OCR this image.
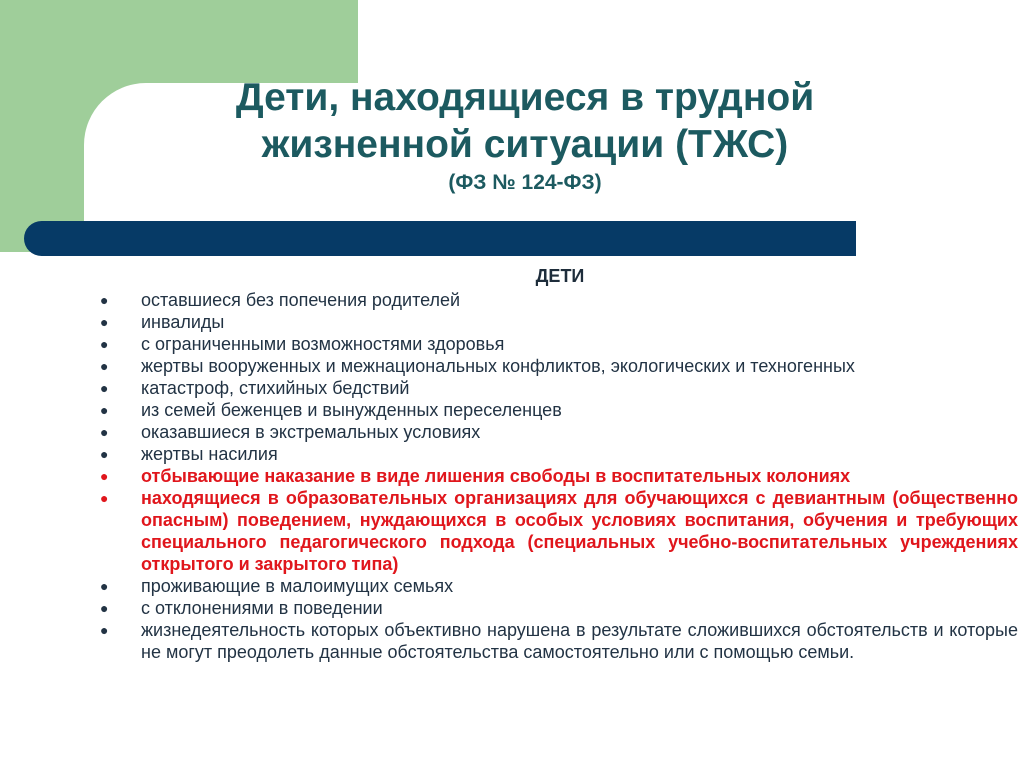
Дети, находящиеся в трудной
жизненной ситуации (ТЖС)
(ФЗ № 124-ФЗ)
ДЕТИ
●	оставшиеся без попечения родителей
●	инвалиды
●	с ограниченными возможностями здоровья
●	жертвы вооруженных и межнациональных конфликтов, экологических и техногенных
●	катастроф, стихийных бедствий
●	из семей беженцев и вынужденных переселенцев
●	оказавшиеся в экстремальных условиях
●	жертвы насилия
●	отбывающие наказание в виде лишения свободы в воспитательных колониях
●	находящиеся в образовательных организациях для обучающихся с девиантным (общественно опасным) поведением, нуждающихся в особых условиях воспитания, обучения и требующих специального педагогического подхода (специальных учебно-воспитательных учреждениях открытого и закрытого типа)
●	проживающие в малоимущих семьях
●	с отклонениями в поведении
●	жизнедеятельность которых объективно нарушена в результате сложившихся обстоятельств и которые не могут преодолеть данные обстоятельства самостоятельно или с помощью семьи.
